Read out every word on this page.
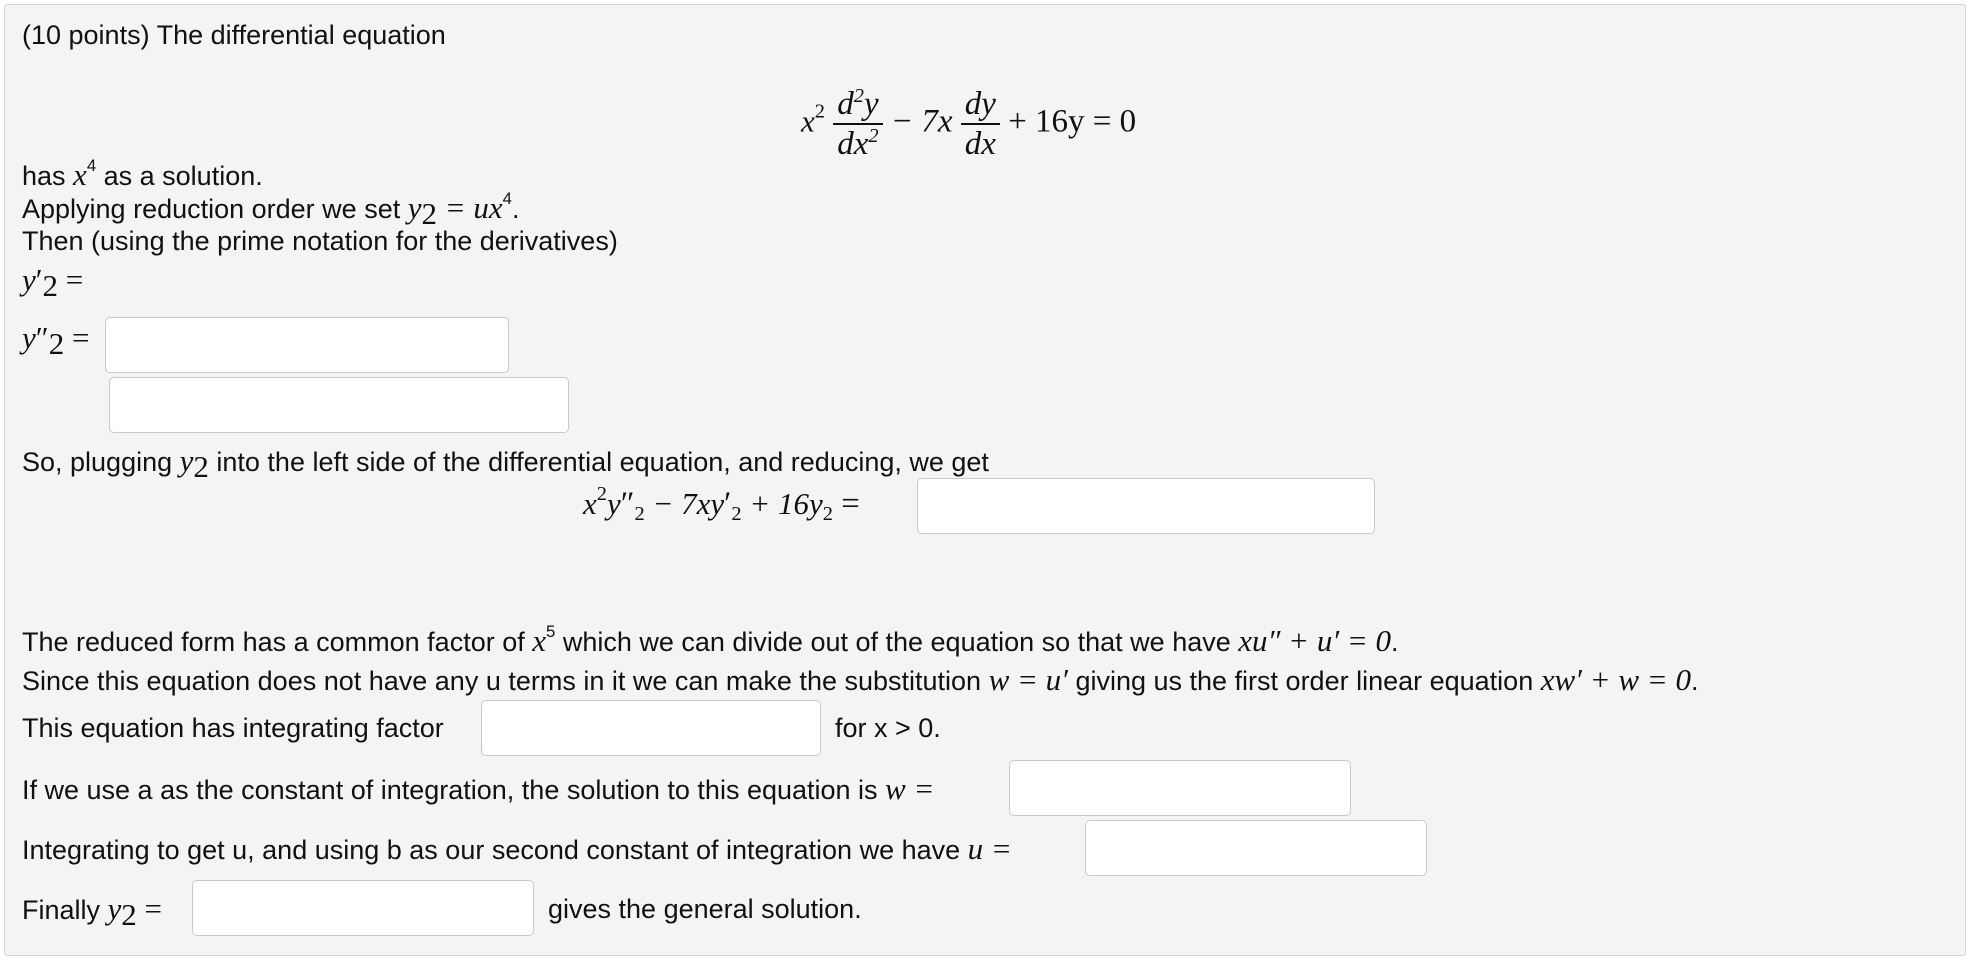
(10 points) The differential equation
$x^2 \frac{d^2y}{dx^2} - 7x \frac{dy}{dx} + 16y = 0$
has $x^4$ as a solution.
Applying reduction order we set $y_2 = ux^4$.
Then (using the prime notation for the derivatives)
$y'_2$ =
$y''_2$ =
So, plugging $y_2$ into the left side of the differential equation, and reducing, we get
$x^2y''_2 - 7xy'_2 + 16y_2$ =
The reduced form has a common factor of $x^5$ which we can divide out of the equation so that we have xu″ + u′ = 0.
Since this equation does not have any u terms in it we can make the substitution w = u′ giving us the first order linear equation xw′ + w = 0.
This equation has integrating factor	for x > 0.
If we use a as the constant of integration, the solution to this equation is w =
Integrating to get u, and using b as our second constant of integration we have u =
Finally $y_2$ =	gives the general solution.
